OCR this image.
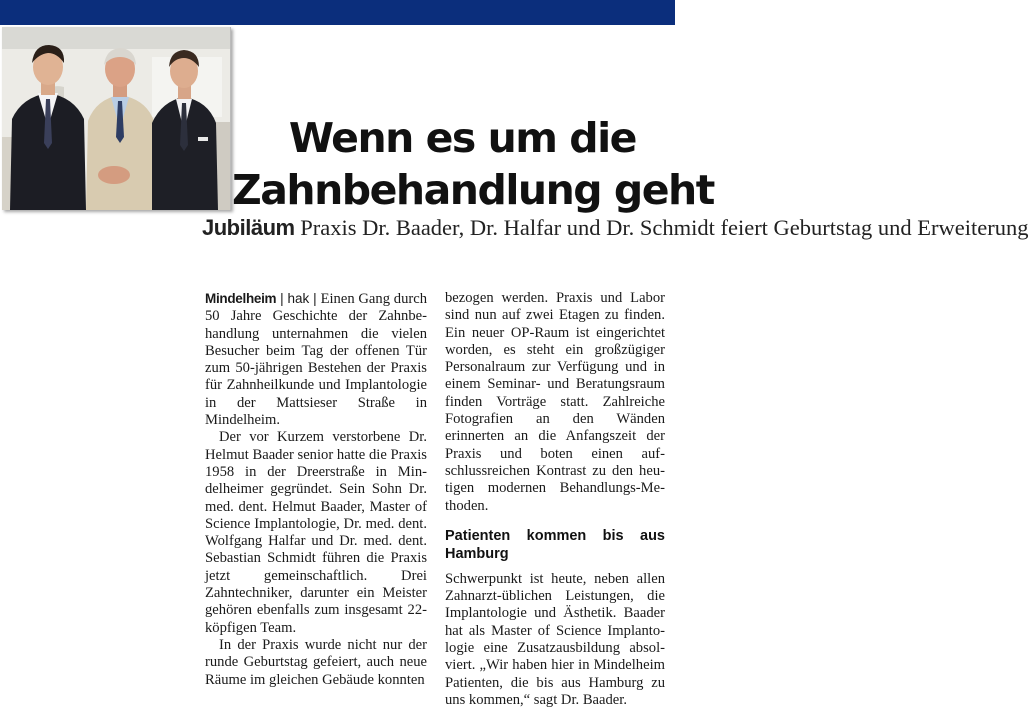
Wenn es um die
Zahnbehandlung geht

Jubiläum Praxis Dr. Baader, Dr. Halfar und Dr. Schmidt feiert Geburtstag und Erweiterung

Mindelheim | hak | Einen Gang durch 50 Jahre Geschichte der Zahnbehandlung unternahmen die vielen Besucher beim Tag der offenen Tür zum 50-jährigen Bestehen der Praxis für Zahnheilkunde und Implantologie in der Mattsieser Straße in Mindelheim.

Der vor Kurzem verstorbene Dr. Helmut Baader senior hatte die Praxis 1958 in der Dreerstraße in Mindelheimer gegründet. Sein Sohn Dr. med. dent. Helmut Baader, Master of Science Implantologie, Dr. med. dent. Wolfgang Halfar und Dr. med. dent. Sebastian Schmidt führen die Praxis jetzt gemeinschaftlich. Drei Zahntechniker, darunter ein Meister gehören ebenfalls zum insgesamt 22-köpfigen Team.

In der Praxis wurde nicht nur der runde Geburtstag gefeiert, auch neue Räume im gleichen Gebäude konnten

bezogen werden. Praxis und Labor sind nun auf zwei Etagen zu finden. Ein neuer OP-Raum ist eingerichtet worden, es steht ein großzügiger Personalraum zur Verfügung und in einem Seminar- und Beratungsraum finden Vorträge statt. Zahlreiche Fotografien an den Wänden erinnerten an die Anfangszeit der Praxis und boten einen aufschlussreichen Kontrast zu den heutigen modernen Behandlungs-Methoden.

Patienten kommen bis aus Hamburg

Schwerpunkt ist heute, neben allen Zahnarzt-üblichen Leistungen, die Implantologie und Ästhetik. Baader hat als Master of Science Implantologie eine Zusatzausbildung absolviert. „Wir haben hier in Mindelheim Patienten, die bis aus Hamburg zu uns kommen,“ sagt Dr. Baader.
